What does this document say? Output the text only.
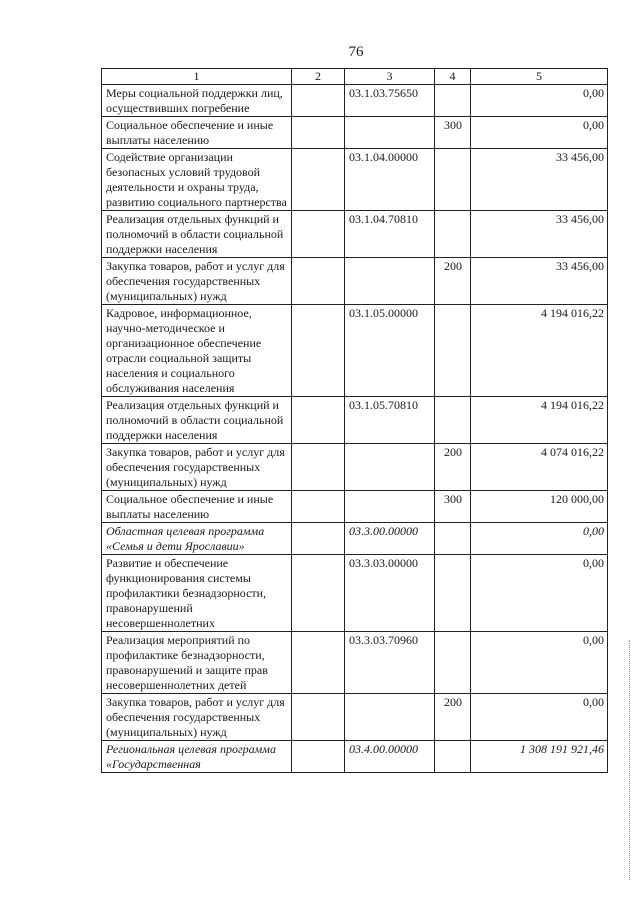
76
1	2	3	4	5
Меры социальной поддержки лиц, осуществивших погребение		03.1.03.75650		0,00
Социальное обеспечение и иные выплаты населению			300	0,00
Содействие организации безопасных условий трудовой деятельности и охраны труда, развитию социального партнерства		03.1.04.00000		33 456,00
Реализация отдельных функций и полномочий в области социальной поддержки населения		03.1.04.70810		33 456,00
Закупка товаров, работ и услуг для обеспечения государственных (муниципальных) нужд			200	33 456,00
Кадровое, информационное, научно-методическое и организационное обеспечение отрасли социальной защиты населения и социального обслуживания населения		03.1.05.00000		4 194 016,22
Реализация отдельных функций и полномочий в области социальной поддержки населения		03.1.05.70810		4 194 016,22
Закупка товаров, работ и услуг для обеспечения государственных (муниципальных) нужд			200	4 074 016,22
Социальное обеспечение и иные выплаты населению			300	120 000,00
Областная целевая программа «Семья и дети Ярославии»		03.3.00.00000		0,00
Развитие и обеспечение функционирования системы профилактики безнадзорности, правонарушений несовершеннолетних		03.3.03.00000		0,00
Реализация мероприятий по профилактике безнадзорности, правонарушений и защите прав несовершеннолетних детей		03.3.03.70960		0,00
Закупка товаров, работ и услуг для обеспечения государственных (муниципальных) нужд			200	0,00
Региональная целевая программа «Государственная		03.4.00.00000		1 308 191 921,46
